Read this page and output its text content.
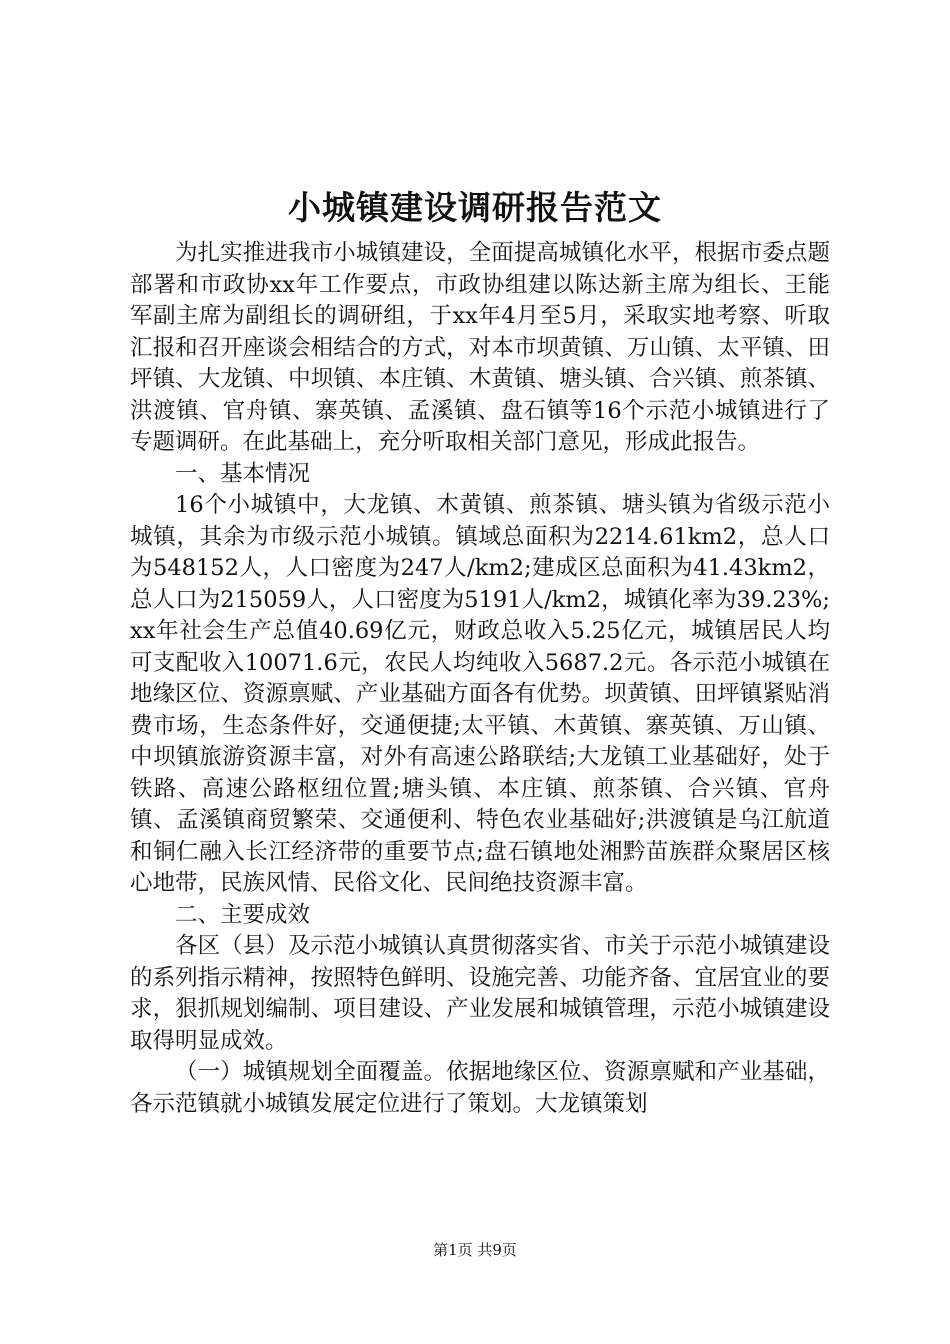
小城镇建设调研报告范文

为扎实推进我市小城镇建设，全面提高城镇化水平，根据市委点题部署和市政协xx年工作要点，市政协组建以陈达新主席为组长、王能军副主席为副组长的调研组，于xx年4月至5月，采取实地考察、听取汇报和召开座谈会相结合的方式，对本市坝黄镇、万山镇、太平镇、田坪镇、大龙镇、中坝镇、本庄镇、木黄镇、塘头镇、合兴镇、煎茶镇、洪渡镇、官舟镇、寨英镇、孟溪镇、盘石镇等16个示范小城镇进行了专题调研。在此基础上，充分听取相关部门意见，形成此报告。

一、基本情况

16个小城镇中，大龙镇、木黄镇、煎茶镇、塘头镇为省级示范小城镇，其余为市级示范小城镇。镇域总面积为2214.61km2，总人口为548152人，人口密度为247人/km2;建成区总面积为41.43km2，总人口为215059人，人口密度为5191人/km2，城镇化率为39.23%;xx年社会生产总值40.69亿元，财政总收入5.25亿元，城镇居民人均可支配收入10071.6元，农民人均纯收入5687.2元。各示范小城镇在地缘区位、资源禀赋、产业基础方面各有优势。坝黄镇、田坪镇紧贴消费市场，生态条件好，交通便捷;太平镇、木黄镇、寨英镇、万山镇、中坝镇旅游资源丰富，对外有高速公路联结;大龙镇工业基础好，处于铁路、高速公路枢纽位置;塘头镇、本庄镇、煎茶镇、合兴镇、官舟镇、孟溪镇商贸繁荣、交通便利、特色农业基础好;洪渡镇是乌江航道和铜仁融入长江经济带的重要节点;盘石镇地处湘黔苗族群众聚居区核心地带，民族风情、民俗文化、民间绝技资源丰富。

二、主要成效

各区（县）及示范小城镇认真贯彻落实省、市关于示范小城镇建设的系列指示精神，按照特色鲜明、设施完善、功能齐备、宜居宜业的要求，狠抓规划编制、项目建设、产业发展和城镇管理，示范小城镇建设取得明显成效。

（一）城镇规划全面覆盖。依据地缘区位、资源禀赋和产业基础，各示范镇就小城镇发展定位进行了策划。大龙镇策划

第1页 共9页
